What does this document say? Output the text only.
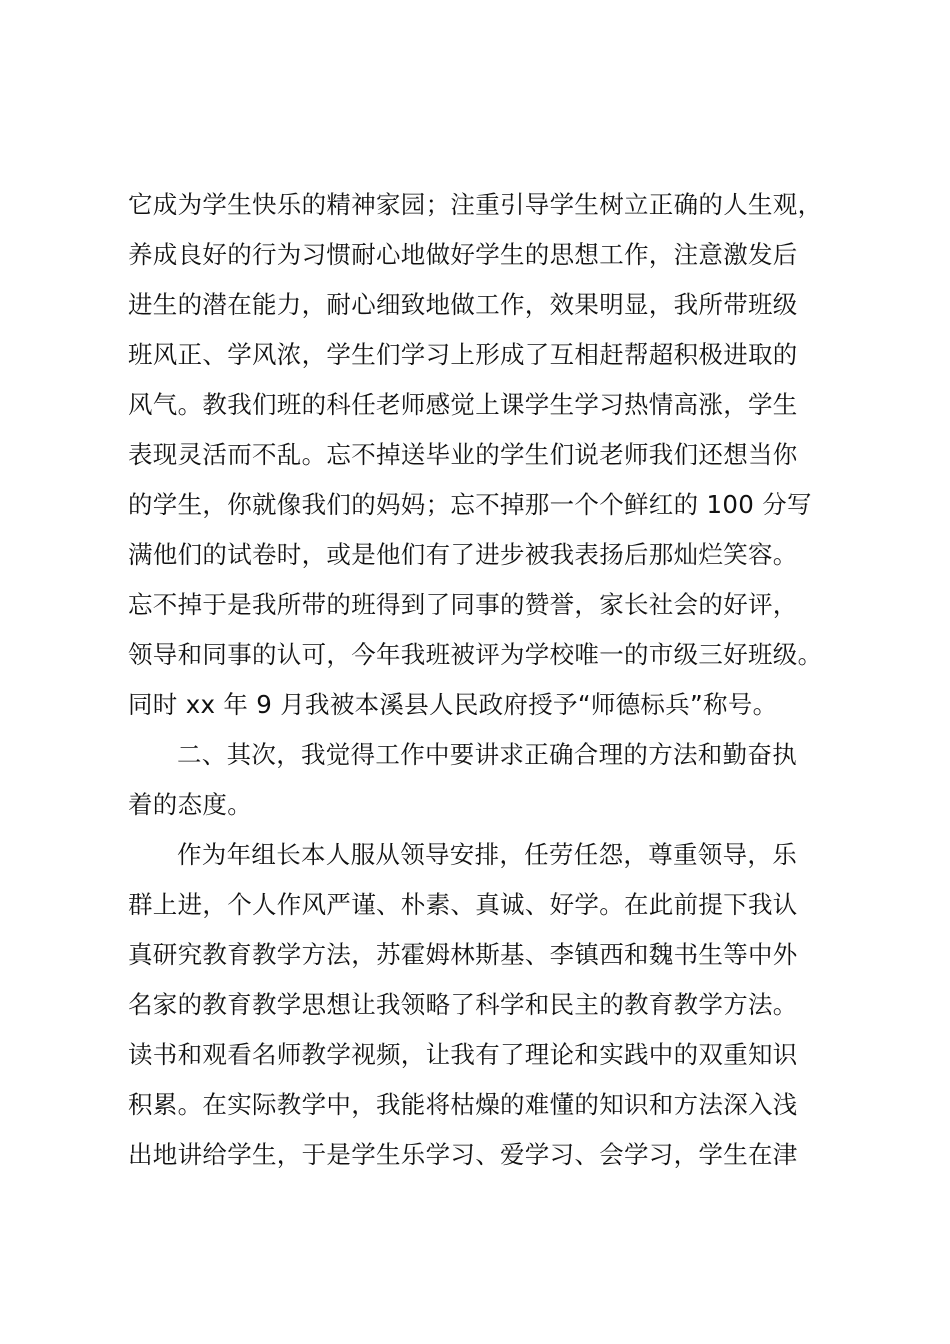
它成为学生快乐的精神家园；注重引导学生树立正确的人生观，
养成良好的行为习惯耐心地做好学生的思想工作，注意激发后
进生的潜在能力，耐心细致地做工作，效果明显，我所带班级
班风正、学风浓，学生们学习上形成了互相赶帮超积极进取的
风气。教我们班的科任老师感觉上课学生学习热情高涨，学生
表现灵活而不乱。忘不掉送毕业的学生们说老师我们还想当你
的学生，你就像我们的妈妈；忘不掉那一个个鲜红的 100 分写
满他们的试卷时，或是他们有了进步被我表扬后那灿烂笑容。
忘不掉于是我所带的班得到了同事的赞誉，家长社会的好评，
领导和同事的认可，今年我班被评为学校唯一的市级三好班级。
同时 xx 年 9 月我被本溪县人民政府授予“师德标兵”称号。
二、其次，我觉得工作中要讲求正确合理的方法和勤奋执
着的态度。
作为年组长本人服从领导安排，任劳任怨，尊重领导，乐
群上进，个人作风严谨、朴素、真诚、好学。在此前提下我认
真研究教育教学方法，苏霍姆林斯基、李镇西和魏书生等中外
名家的教育教学思想让我领略了科学和民主的教育教学方法。
读书和观看名师教学视频，让我有了理论和实践中的双重知识
积累。在实际教学中，我能将枯燥的难懂的知识和方法深入浅
出地讲给学生，于是学生乐学习、爱学习、会学习，学生在津
